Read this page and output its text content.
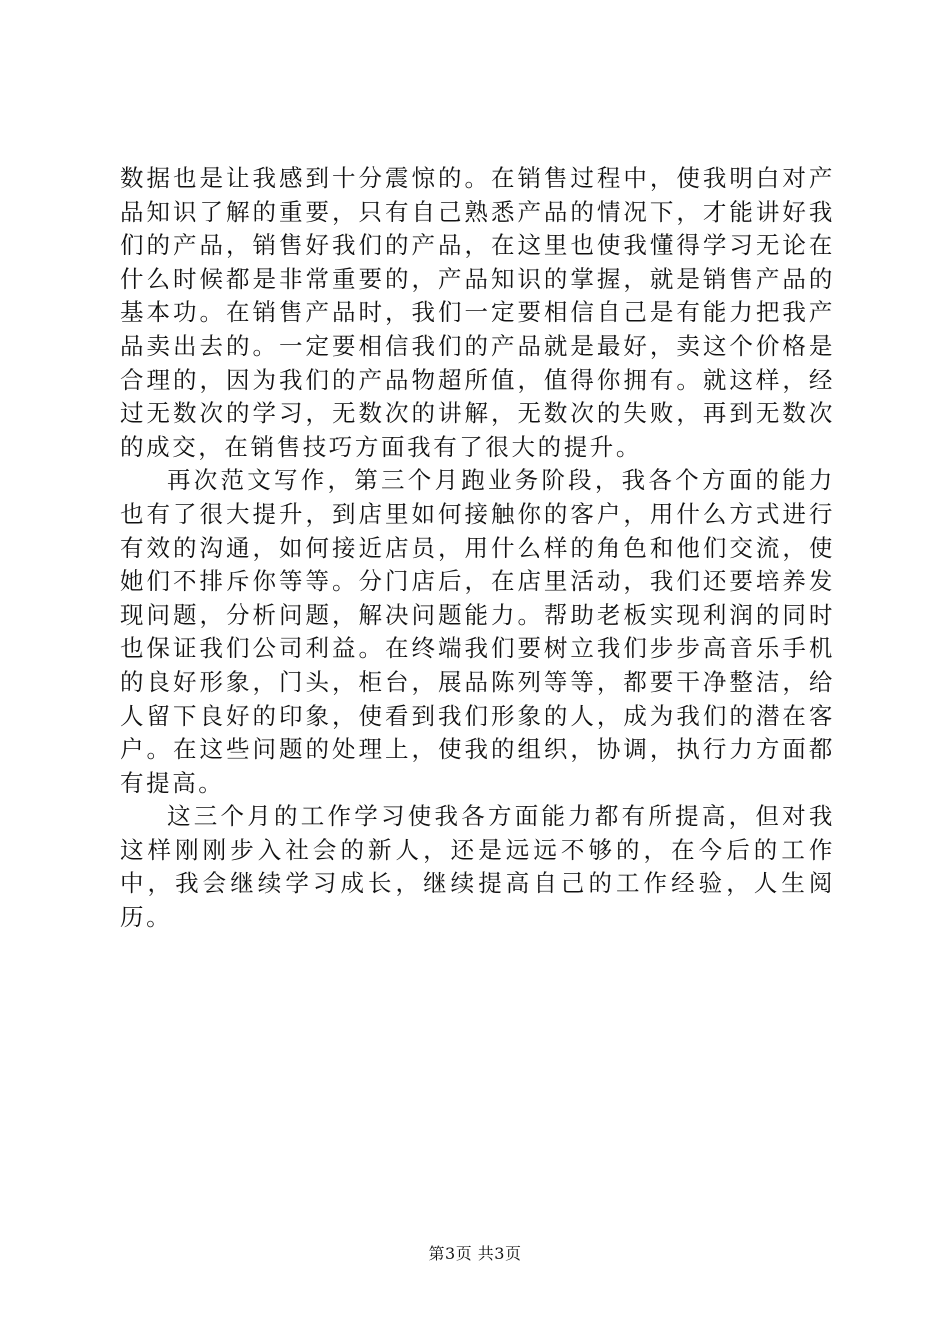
数据也是让我感到十分震惊的。在销售过程中，使我明白对产品知识了解的重要，只有自己熟悉产品的情况下，才能讲好我们的产品，销售好我们的产品，在这里也使我懂得学习无论在什么时候都是非常重要的，产品知识的掌握，就是销售产品的基本功。在销售产品时，我们一定要相信自己是有能力把我产品卖出去的。一定要相信我们的产品就是最好，卖这个价格是合理的，因为我们的产品物超所值，值得你拥有。就这样，经过无数次的学习，无数次的讲解，无数次的失败，再到无数次的成交，在销售技巧方面我有了很大的提升。

再次范文写作，第三个月跑业务阶段，我各个方面的能力也有了很大提升，到店里如何接触你的客户，用什么方式进行有效的沟通，如何接近店员，用什么样的角色和他们交流，使她们不排斥你等等。分门店后，在店里活动，我们还要培养发现问题，分析问题，解决问题能力。帮助老板实现利润的同时也保证我们公司利益。在终端我们要树立我们步步高音乐手机的良好形象，门头，柜台，展品陈列等等，都要干净整洁，给人留下良好的印象，使看到我们形象的人，成为我们的潜在客户。在这些问题的处理上，使我的组织，协调，执行力方面都有提高。

这三个月的工作学习使我各方面能力都有所提高，但对我这样刚刚步入社会的新人，还是远远不够的，在今后的工作中，我会继续学习成长，继续提高自己的工作经验，人生阅历。

第3页 共3页
